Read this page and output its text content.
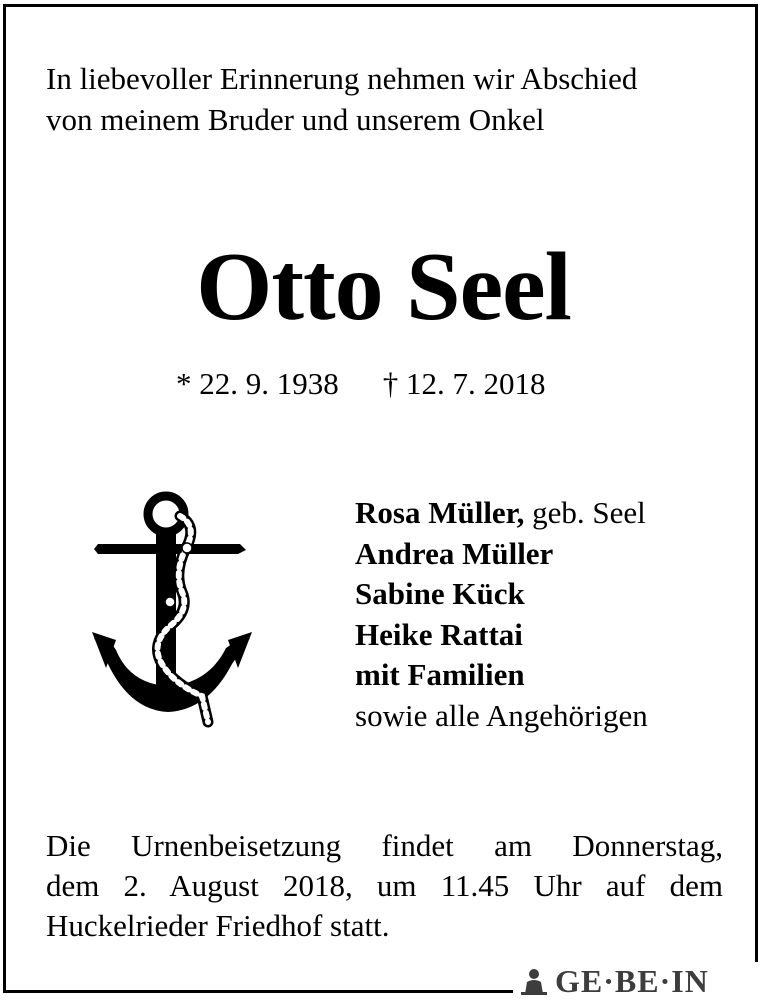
In liebevoller Erinnerung nehmen wir Abschied
von meinem Bruder und unserem Onkel
Otto Seel
* 22. 9. 1938 † 12. 7. 2018
Rosa Müller, geb. Seel
Andrea Müller
Sabine Kück
Heike Rattai
mit Familien
sowie alle Angehörigen
Die Urnenbeisetzung findet am Donnerstag,
dem 2. August 2018, um 11.45 Uhr auf dem
Huckelrieder Friedhof statt.
GE·BE·IN
